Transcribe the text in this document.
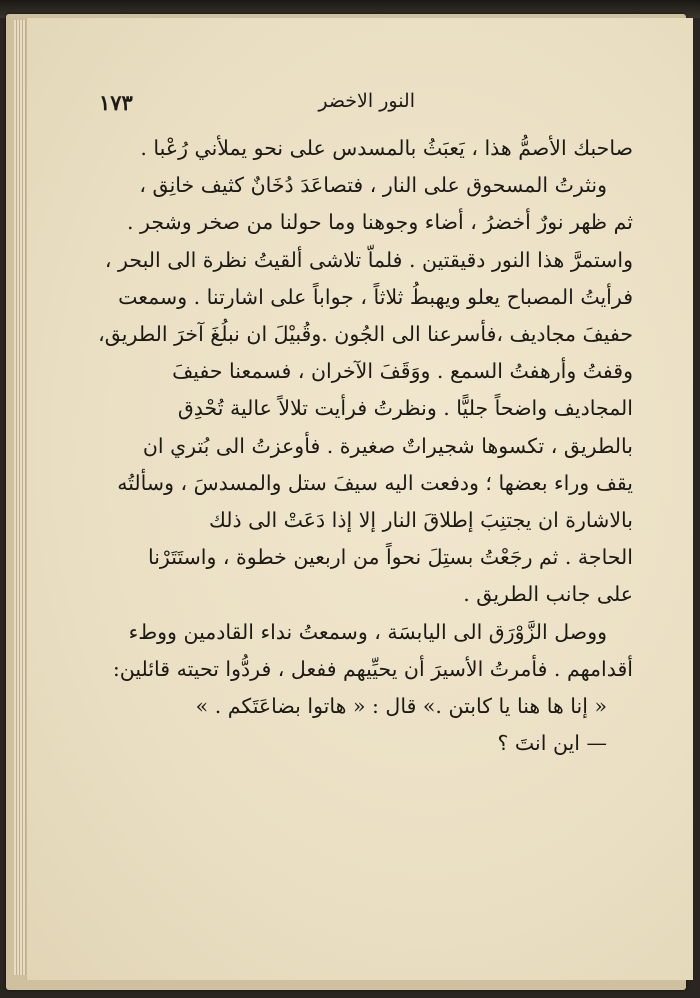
النور الاخضر
١٧٣

صاحبك الأصمُّ هذا ، يَعبَثُ بالمسدس على نحو يملأني رُعْبا .

ونثرتُ المسحوق على النار ، فتصاعَدَ دُخَانٌ كثيف خانِق ،

ثم ظهر نورٌ أخضرُ ، أضاء وجوهنا وما حولنا من صخر وشجر .

واستمرَّ هذا النور دقيقتين . فلماّ تلاشى ألقيتُ نظرة الى البحر ،

فرأيتُ المصباح يعلو ويهبطُ ثلاثاً ، جواباً على اشارتنا . وسمعت

حفيفَ مجاديف ،فأسرعنا الى الجُون .وقُبيْلَ ان نبلُغَ آخرَ الطريق،

وقفتُ وأرهفتُ السمع . ووَقَفَ الآخران ، فسمعنا حفيفَ

المجاديف واضحاً جليًّا . ونظرتُ فرأيت تلالاً عالية تُحْدِق

بالطريق ، تكسوها شجيراتٌ صغيرة . فأوعزتُ الى بُتري ان

يقف وراء بعضها ؛ ودفعت اليه سيفَ ستل والمسدسَ ، وسألتُه

بالاشارة ان يجتنِبَ إطلاقَ النار إلا إذا دَعَتْ الى ذلك

الحاجة . ثم رجَعْتُ بستِلَ نحواً من اربعين خطوة ، واستَتَرْنا

على جانب الطريق .

ووصل الزَّوْرَق الى اليابسَة ، وسمعتُ نداء القادمين ووطء

أقدامهم . فأمرتُ الأسيرَ أن يحيِّيهم ففعل ، فردُّوا تحيته قائلين:

« إنا ها هنا يا كابتن .» قال : « هاتوا بضاعَتَكم . »

— اين انتَ ؟
